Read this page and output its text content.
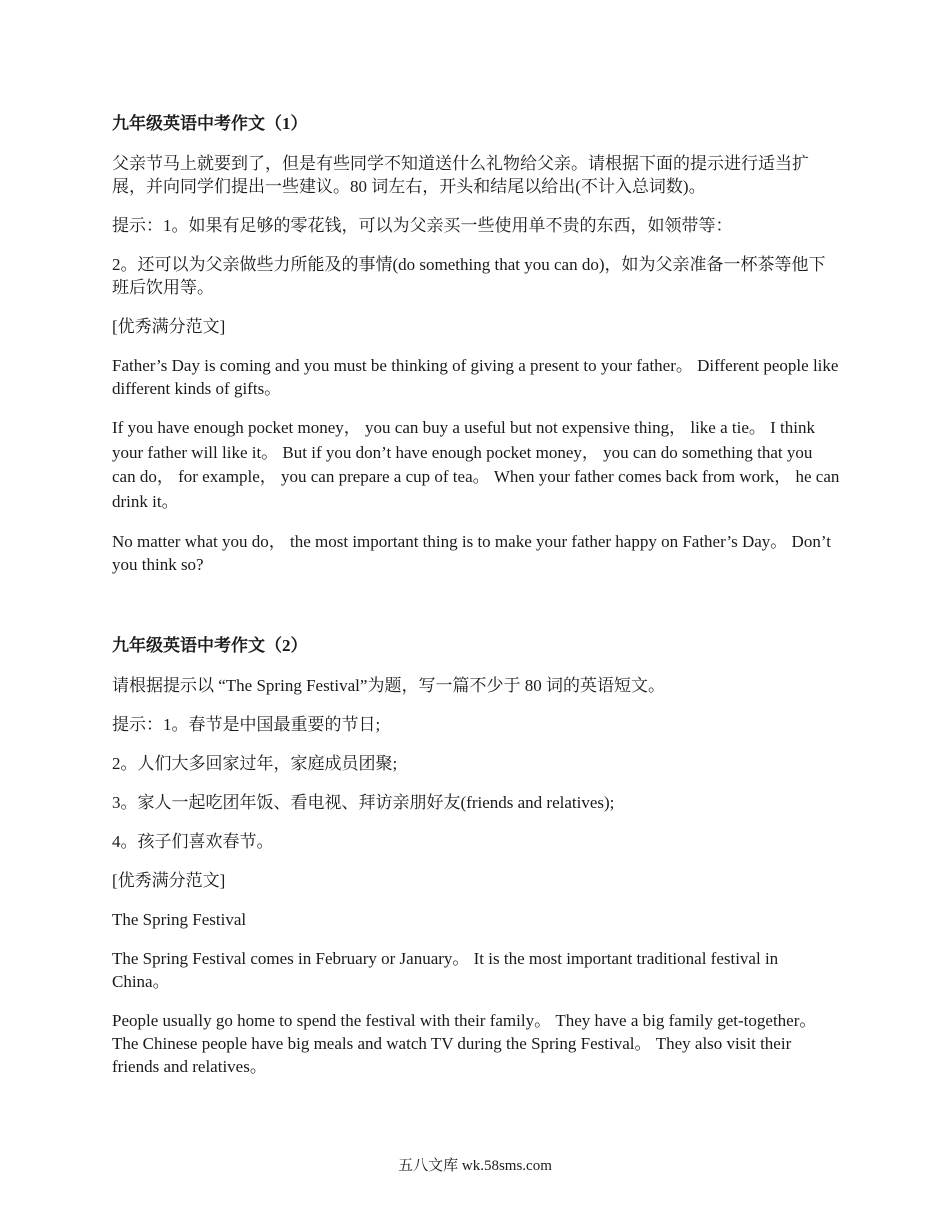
九年级英语中考作文（1）
父亲节马上就要到了，但是有些同学不知道送什么礼物给父亲。请根据下面的提示进行适当扩展，并向同学们提出一些建议。80 词左右，开头和结尾以给出(不计入总词数)。
提示：1。如果有足够的零花钱，可以为父亲买一些使用单不贵的东西，如领带等：
2。还可以为父亲做些力所能及的事情(do something that you can do)，如为父亲准备一杯茶等他下班后饮用等。
[优秀满分范文]
Father’s Day is coming and you must be thinking of giving a present to your father。 Different people like different kinds of gifts。
If you have enough pocket money， you can buy a useful but not expensive thing， like a tie。 I think your father will like it。 But if you don’t have enough pocket money， you can do something that you can do， for example， you can prepare a cup of tea。 When your father comes back from work， he can drink it。
No matter what you do， the most important thing is to make your father happy on Father’s Day。 Don’t you think so?
九年级英语中考作文（2）
请根据提示以 “The Spring Festival”为题，写一篇不少于 80 词的英语短文。
提示：1。春节是中国最重要的节日;
2。人们大多回家过年，家庭成员团聚;
3。家人一起吃团年饭、看电视、拜访亲朋好友(friends and relatives);
4。孩子们喜欢春节。
[优秀满分范文]
The Spring Festival
The Spring Festival comes in February or January。 It is the most important traditional festival in China。
People usually go home to spend the festival with their family。 They have a big family get-together。 The Chinese people have big meals and watch TV during the Spring Festival。 They also visit their friends and relatives。
五八文库 wk.58sms.com
